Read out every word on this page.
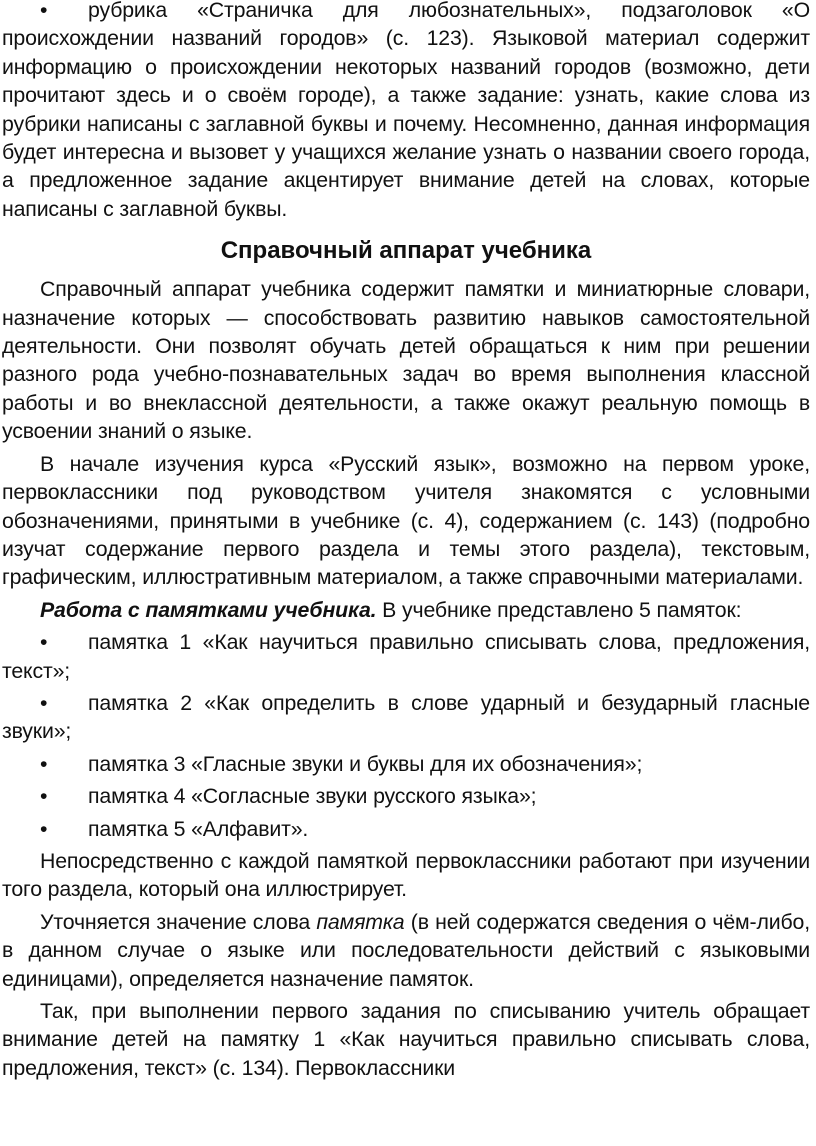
• рубрика «Страничка для любознательных», подзаголовок «О происхождении названий городов» (с. 123). Языковой материал содержит информацию о происхождении некоторых названий городов (возможно, дети прочитают здесь и о своём городе), а также задание: узнать, какие слова из рубрики написаны с заглавной буквы и почему. Несомненно, данная информация будет интересна и вызовет у учащихся желание узнать о названии своего города, а предложенное задание акцентирует внимание детей на словах, которые написаны с заглавной буквы.

Справочный аппарат учебника

Справочный аппарат учебника содержит памятки и миниатюрные словари, назначение которых — способствовать развитию навыков самостоятельной деятельности. Они позволят обучать детей обращаться к ним при решении разного рода учебно-познавательных задач во время выполнения классной работы и во внеклассной деятельности, а также окажут реальную помощь в усвоении знаний о языке.

В начале изучения курса «Русский язык», возможно на первом уроке, первоклассники под руководством учителя знакомятся с условными обозначениями, принятыми в учебнике (с. 4), содержанием (с. 143) (подробно изучат содержание первого раздела и темы этого раздела), текстовым, графическим, иллюстративным материалом, а также справочными материалами.

Работа с памятками учебника. В учебнике представлено 5 памяток:

• памятка 1 «Как научиться правильно списывать слова, предложения, текст»;

• памятка 2 «Как определить в слове ударный и безударный гласные звуки»;

• памятка 3 «Гласные звуки и буквы для их обозначения»;

• памятка 4 «Согласные звуки русского языка»;

• памятка 5 «Алфавит».

Непосредственно с каждой памяткой первоклассники работают при изучении того раздела, который она иллюстрирует.

Уточняется значение слова памятка (в ней содержатся сведения о чём-либо, в данном случае о языке или последовательности действий с языковыми единицами), определяется назначение памяток.

Так, при выполнении первого задания по списыванию учитель обращает внимание детей на памятку 1 «Как научиться правильно списывать слова, предложения, текст» (с. 134). Первоклассники
